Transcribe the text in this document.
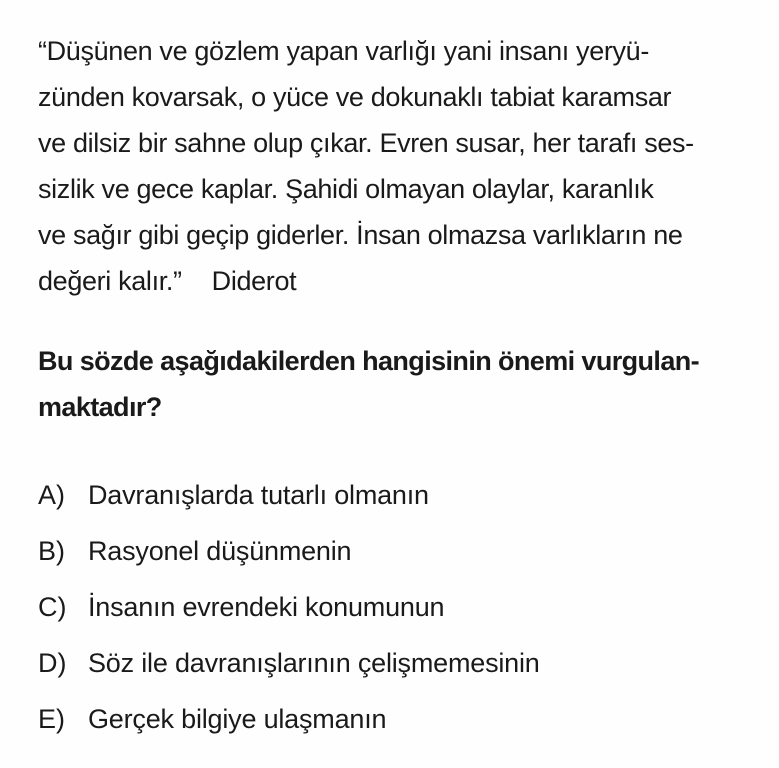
“Düşünen ve gözlem yapan varlığı yani insanı yeryü-
zünden kovarsak, o yüce ve dokunaklı tabiat karamsar
ve dilsiz bir sahne olup çıkar. Evren susar, her tarafı ses-
sizlik ve gece kaplar. Şahidi olmayan olaylar, karanlık
ve sağır gibi geçip giderler. İnsan olmazsa varlıkların ne
değeri kalır.” Diderot
Bu sözde aşağıdakilerden hangisinin önemi vurgulan-
maktadır?
A) Davranışlarda tutarlı olmanın
B) Rasyonel düşünmenin
C) İnsanın evrendeki konumunun
D) Söz ile davranışlarının çelişmemesinin
E) Gerçek bilgiye ulaşmanın
